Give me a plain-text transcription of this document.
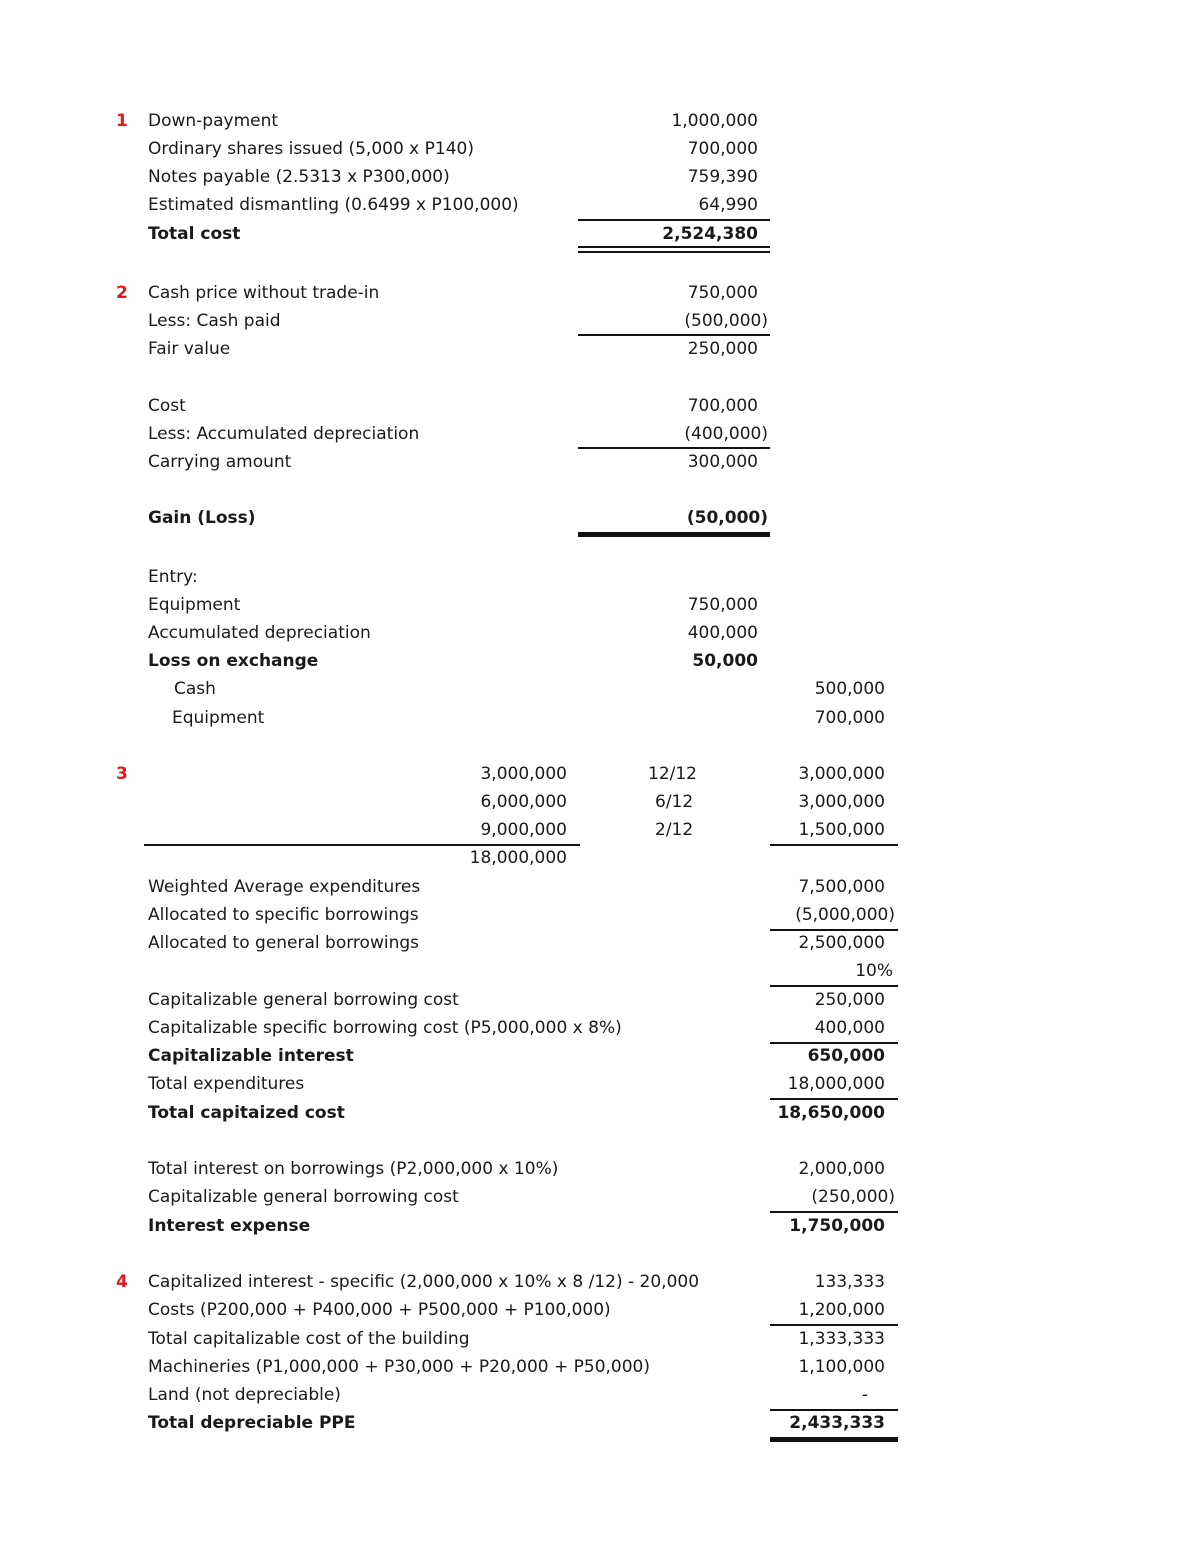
1 Down-payment	1,000,000
Ordinary shares issued (5,000 x P140)	700,000
Notes payable (2.5313 x P300,000)	759,390
Estimated dismantling (0.6499 x P100,000)	64,990
Total cost	2,524,380
2 Cash price without trade-in	750,000
Less: Cash paid	(500,000)
Fair value	250,000
Cost	700,000
Less: Accumulated depreciation	(400,000)
Carrying amount	300,000
Gain (Loss)	(50,000)
Entry:
Equipment	750,000
Accumulated depreciation	400,000
Loss on exchange	50,000
Cash	500,000
Equipment	700,000
3	3,000,000	12/12	3,000,000
6,000,000	6/12	3,000,000
9,000,000	2/12	1,500,000
18,000,000
Weighted Average expenditures	7,500,000
Allocated to specific borrowings	(5,000,000)
Allocated to general borrowings	2,500,000
10%
Capitalizable general borrowing cost	250,000
Capitalizable specific borrowing cost (P5,000,000 x 8%)	400,000
Capitalizable interest	650,000
Total expenditures	18,000,000
Total capitaized cost	18,650,000
Total interest on borrowings (P2,000,000 x 10%)	2,000,000
Capitalizable general borrowing cost	(250,000)
Interest expense	1,750,000
4 Capitalized interest - specific (2,000,000 x 10% x 8 /12) - 20,000	133,333
Costs (P200,000 + P400,000 + P500,000 + P100,000)	1,200,000
Total capitalizable cost of the building	1,333,333
Machineries (P1,000,000 + P30,000 + P20,000 + P50,000)	1,100,000
Land (not depreciable)	-
Total depreciable PPE	2,433,333
